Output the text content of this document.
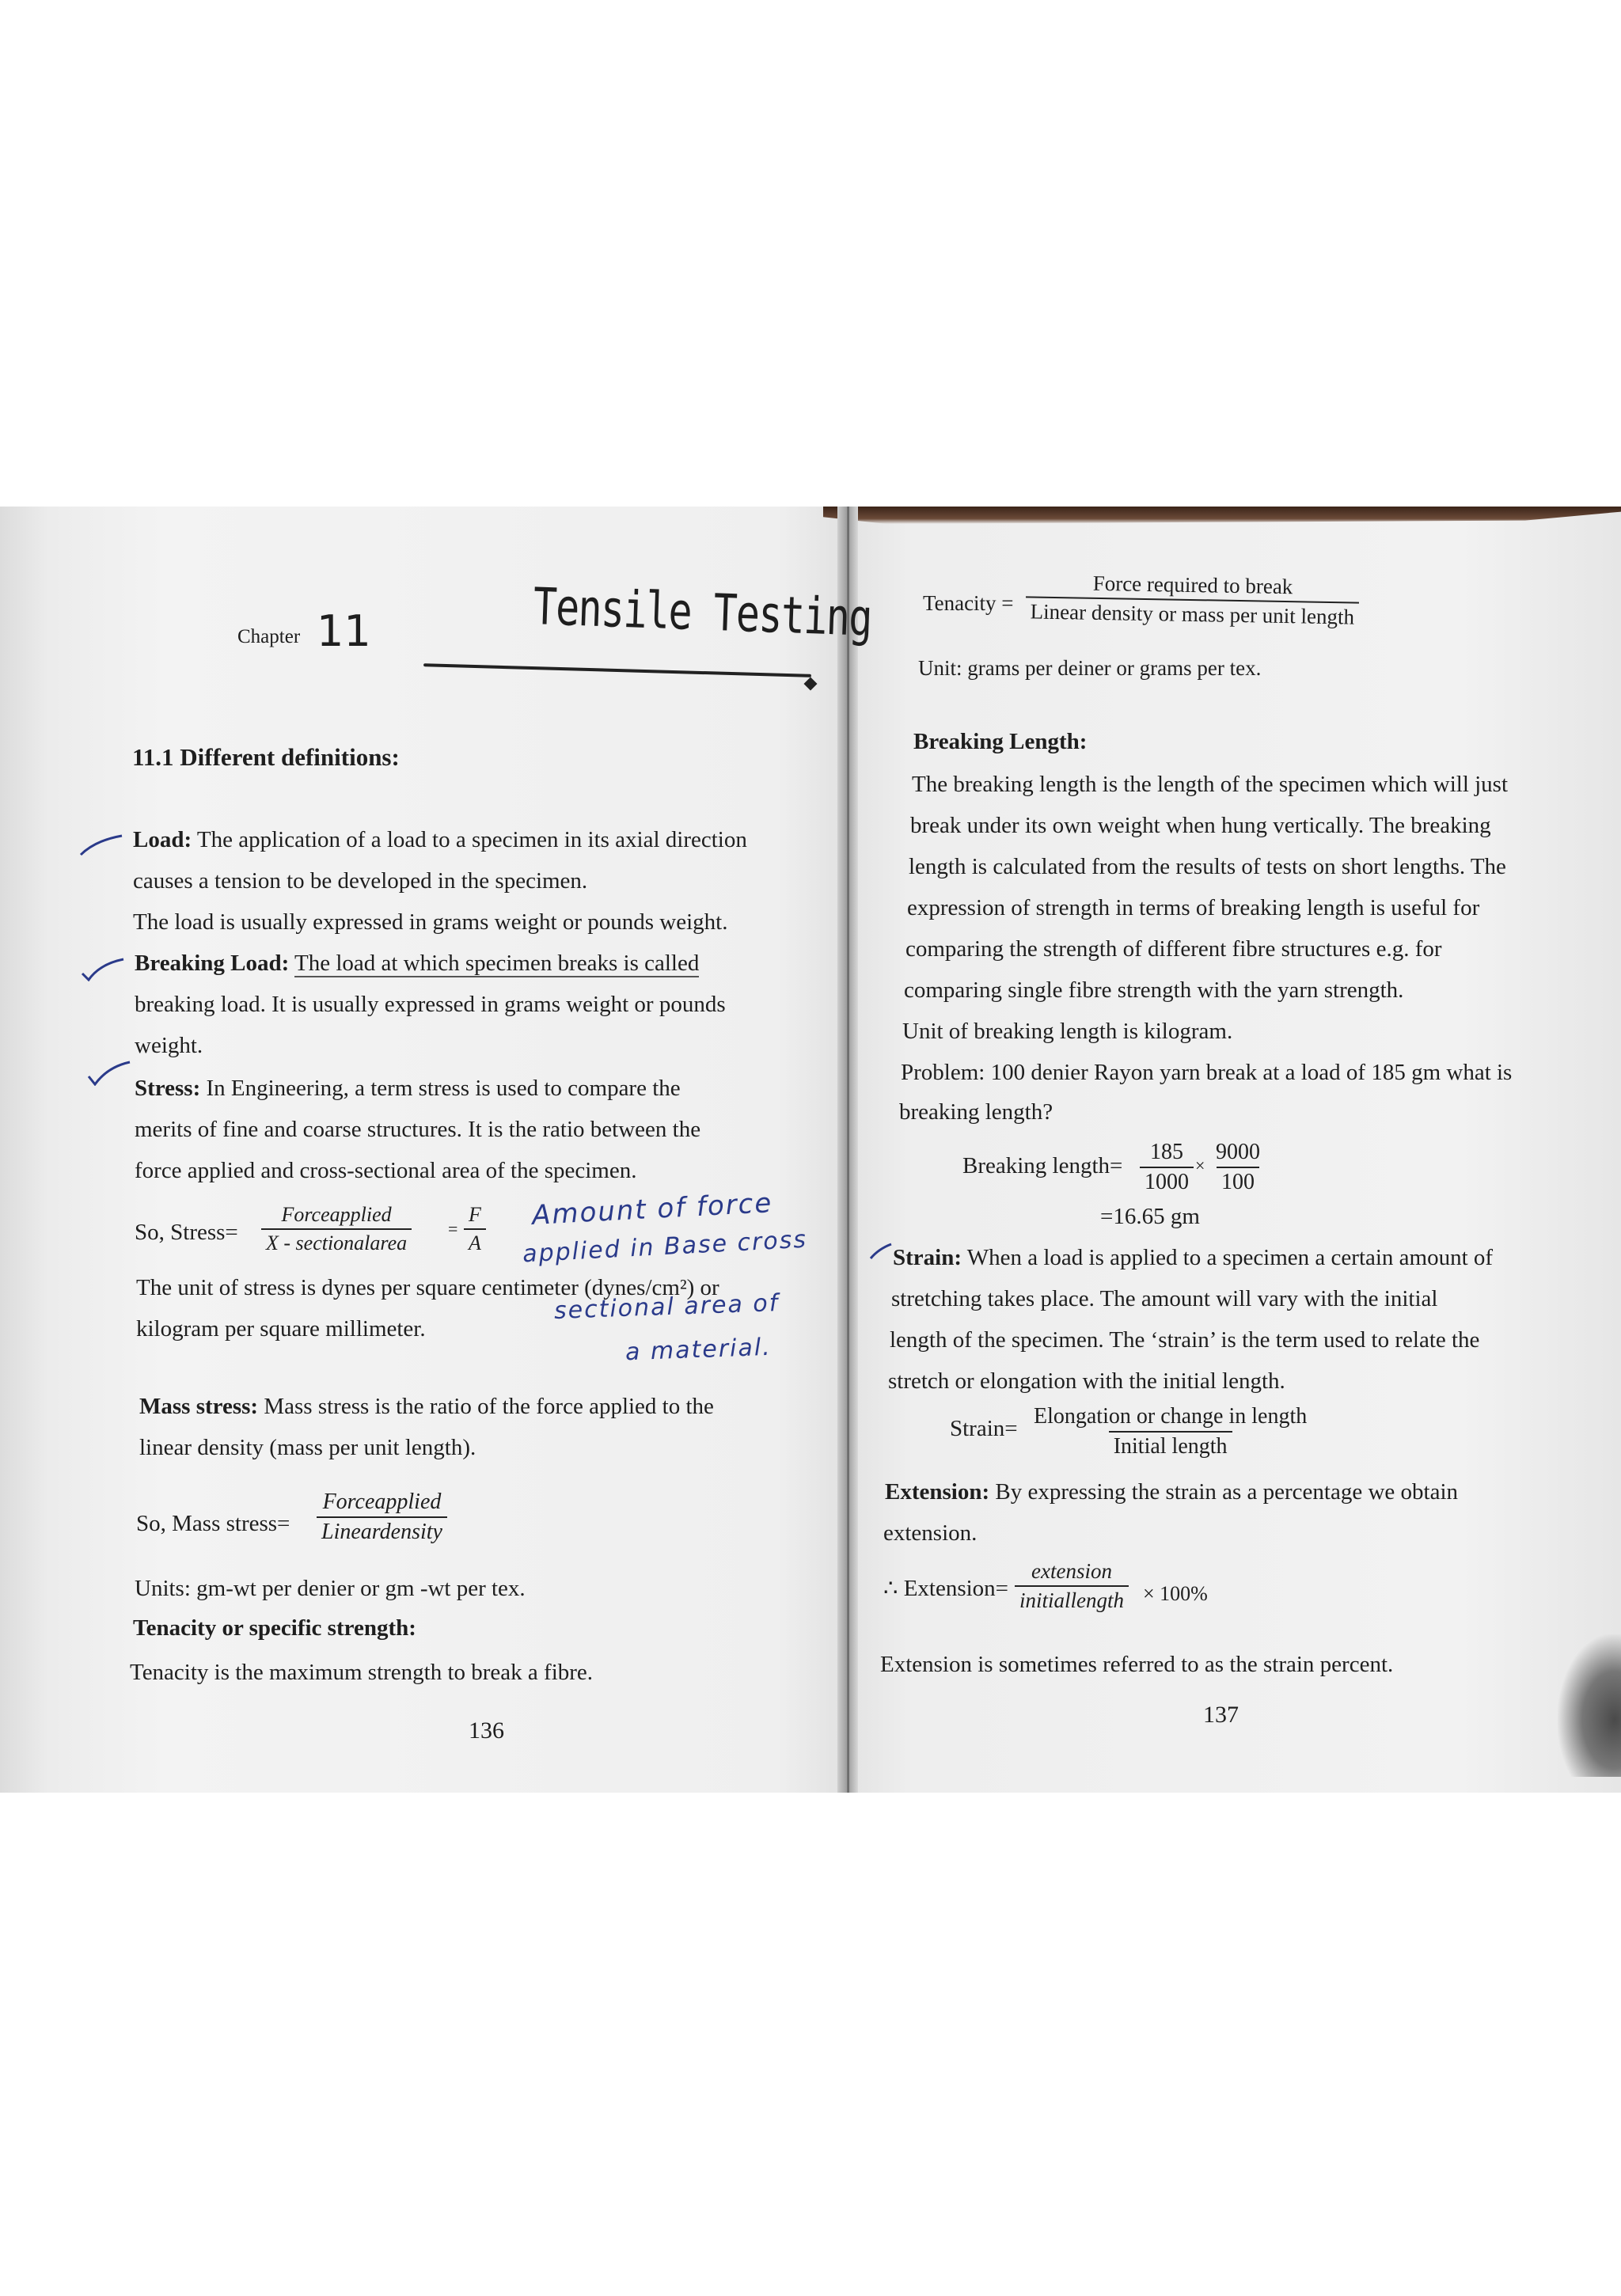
Chapter 11	Tensile Testing
11.1 Different definitions:
Load: The application of a load to a specimen in its axial direction
causes a tension to be developed in the specimen.
The load is usually expressed in grams weight or pounds weight.
Breaking Load: The load at which specimen breaks is called
breaking load. It is usually expressed in grams weight or pounds
weight.
Stress: In Engineering, a term stress is used to compare the
merits of fine and coarse structures. It is the ratio between the
force applied and cross-sectional area of the specimen.
So, Stress=
Forceapplied
X - sectionalarea
= $\frac{F}{A}$ Amount of force
applied in Base cross
sectional area of
a material.
The unit of stress is dynes per square centimeter (dynes/cm²) or
kilogram per square millimeter.
Mass stress: Mass stress is the ratio of the force applied to the
linear density (mass per unit length).
So, Mass stress=
Forceapplied
Lineardensity
Units: gm-wt per denier or gm -wt per tex.
Tenacity or specific strength:
Tenacity is the maximum strength to break a fibre.
136
Tenacity =
Force required to break
Linear density or mass per unit length
Unit: grams per deiner or grams per tex.
Breaking Length:
The breaking length is the length of the specimen which will just
break under its own weight when hung vertically. The breaking
length is calculated from the results of tests on short lengths. The
expression of strength in terms of breaking length is useful for
comparing the strength of different fibre structures e.g. for
comparing single fibre strength with the yarn strength.
Unit of breaking length is kilogram.
Problem: 100 denier Rayon yarn break at a load of 185 gm what is
breaking length?
Breaking length= $\frac{185}{1000} \times \frac{9000}{100}$
=16.65 gm
Strain: When a load is applied to a specimen a certain amount of
stretching takes place. The amount will vary with the initial
length of the specimen. The ‘strain’ is the term used to relate the
stretch or elongation with the initial length.
Strain= Elongation or change in length
Initial length
Extension: By expressing the strain as a percentage we obtain
extension.
∴ Extension=
extension
initiallength × 100%
Extension is sometimes referred to as the strain percent.
137
